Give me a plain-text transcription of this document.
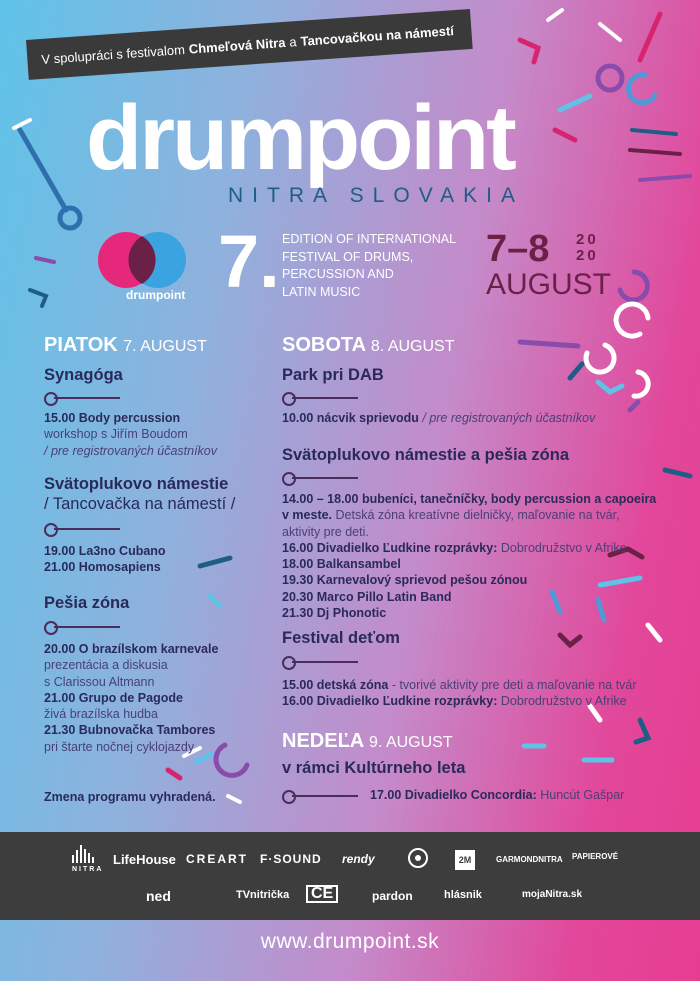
V spolupráci s festivalom Chmeľová Nitra a Tancovačkou na námestí
drumpoint
NITRA SLOVAKIA
drumpoint 7. EDITION OF INTERNATIONAL
FESTIVAL OF DRUMS,
PERCUSSION AND
LATIN MUSIC
7–8	20
20
AUGUST
PIATOK 7. AUGUST
Synagóga
15.00 Body percussion
workshop s Jiřím Boudom
/ pre registrovaných účastníkov
Svätoplukovo námestie
/ Tancovačka na námestí /
19.00 La3no Cubano
21.00 Homosapiens
Pešia zóna
20.00 O brazílskom karnevale
prezentácia a diskusia
s Clarissou Altmann
21.00 Grupo de Pagode
živá brazílska hudba
21.30 Bubnovačka Tambores
pri štarte nočnej cyklojazdy
Zmena programu vyhradená.
SOBOTA 8. AUGUST
Park pri DAB
10.00 nácvik sprievodu / pre registrovaných účastníkov
Svätoplukovo námestie a pešia zóna
14.00 – 18.00 bubeníci, tanečníčky, body percussion a capoeira
v meste. Detská zóna kreatívne dielničky, maľovanie na tvár,
aktivity pre deti.
16.00 Divadielko Ľudkine rozprávky: Dobrodružstvo v Afrike
18.00 Balkansambel
19.30 Karnevalový sprievod pešou zónou
20.30 Marco Pillo Latin Band
21.30 Dj Phonotic
Festival deťom
15.00 detská zóna - tvorivé aktivity pre deti a maľovanie na tvár
16.00 Divadielko Ľudkine rozprávky: Dobrodružstvo v Afrike
NEDEĽA 9. AUGUST
v rámci Kultúrneho leta
17.00 Divadielko Concordia: Huncút Gašpar
NITRA
LifeHouse CREART F·SOUND rendy	2M	GARMONDNITRA PAPIEROVÉ
ned	TVnitrička	CE	pardon	hlásnik	mojaNitra.sk
www.drumpoint.sk
